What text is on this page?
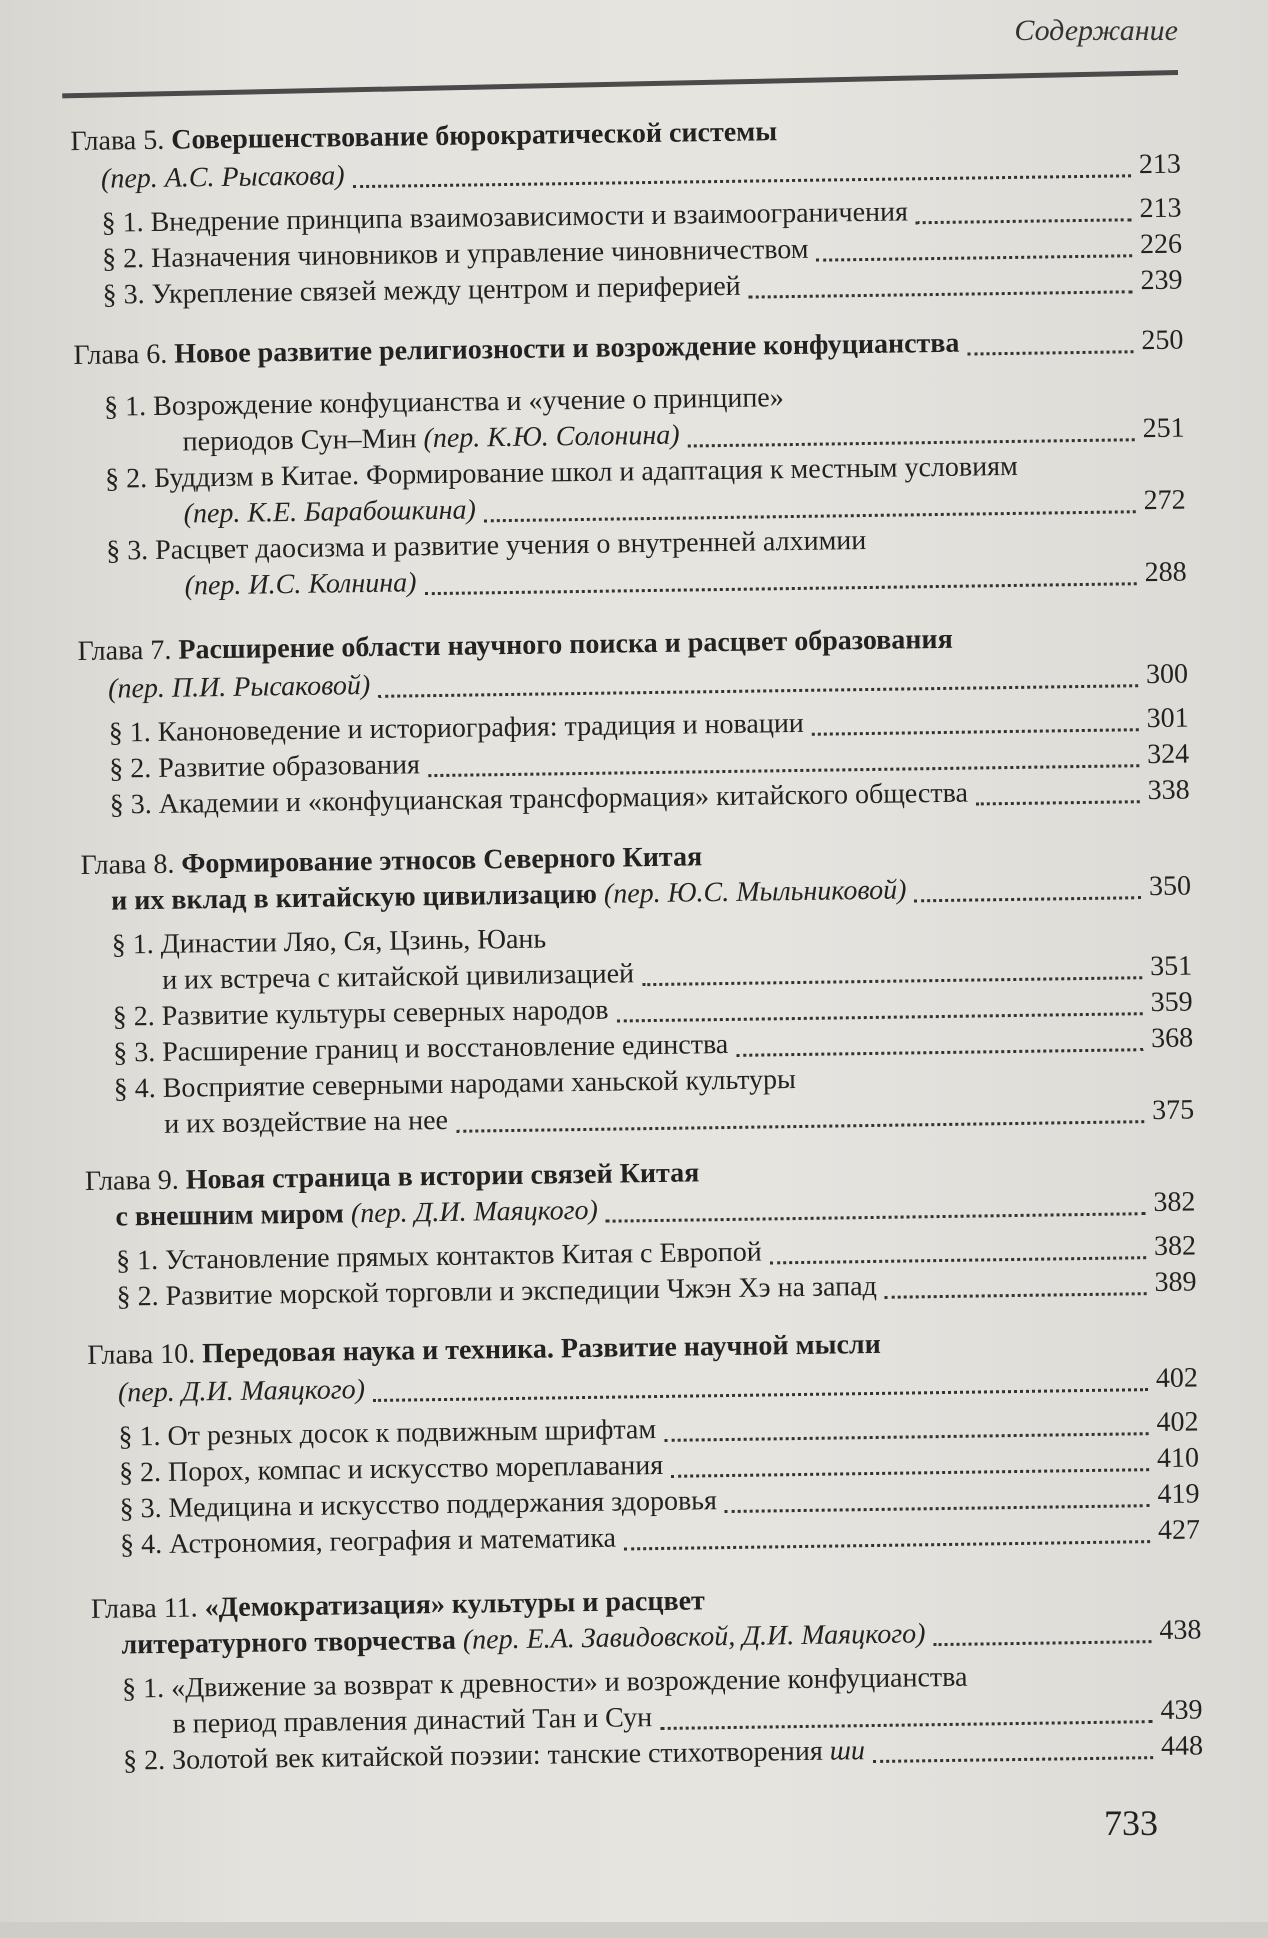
Содержание
Глава 5. Совершенствование бюрократической системы
(пер. А.С. Рысакова)	213
§ 1. Внедрение принципа взаимозависимости и взаимоограничения	213
§ 2. Назначения чиновников и управление чиновничеством	226
§ 3. Укрепление связей между центром и периферией	239
Глава 6. Новое развитие религиозности и возрождение конфуцианства	250
§ 1. Возрождение конфуцианства и «учение о принципе»
периодов Сун–Мин (пер. К.Ю. Солонина)	251
§ 2. Буддизм в Китае. Формирование школ и адаптация к местным условиям
(пер. К.Е. Барабошкина)	272
§ 3. Расцвет даосизма и развитие учения о внутренней алхимии
(пер. И.С. Колнина)	288
Глава 7. Расширение области научного поиска и расцвет образования
(пер. П.И. Рысаковой)	300
§ 1. Каноноведение и историография: традиция и новации	301
§ 2. Развитие образования	324
§ 3. Академии и «конфуцианская трансформация» китайского общества	338
Глава 8. Формирование этносов Северного Китая
и их вклад в китайскую цивилизацию (пер. Ю.С. Мыльниковой)	350
§ 1. Династии Ляо, Ся, Цзинь, Юань
и их встреча с китайской цивилизацией	351
§ 2. Развитие культуры северных народов	359
§ 3. Расширение границ и восстановление единства	368
§ 4. Восприятие северными народами ханьской культуры
и их воздействие на нее	375
Глава 9. Новая страница в истории связей Китая
с внешним миром (пер. Д.И. Маяцкого)	382
§ 1. Установление прямых контактов Китая с Европой	382
§ 2. Развитие морской торговли и экспедиции Чжэн Хэ на запад	389
Глава 10. Передовая наука и техника. Развитие научной мысли
(пер. Д.И. Маяцкого)	402
§ 1. От резных досок к подвижным шрифтам	402
§ 2. Порох, компас и искусство мореплавания	410
§ 3. Медицина и искусство поддержания здоровья	419
§ 4. Астрономия, география и математика	427
Глава 11. «Демократизация» культуры и расцвет
литературного творчества (пер. Е.А. Завидовской, Д.И. Маяцкого)	438
§ 1. «Движение за возврат к древности» и возрождение конфуцианства
в период правления династий Тан и Сун	439
§ 2. Золотой век китайской поэзии: танские стихотворения ши	448
733
